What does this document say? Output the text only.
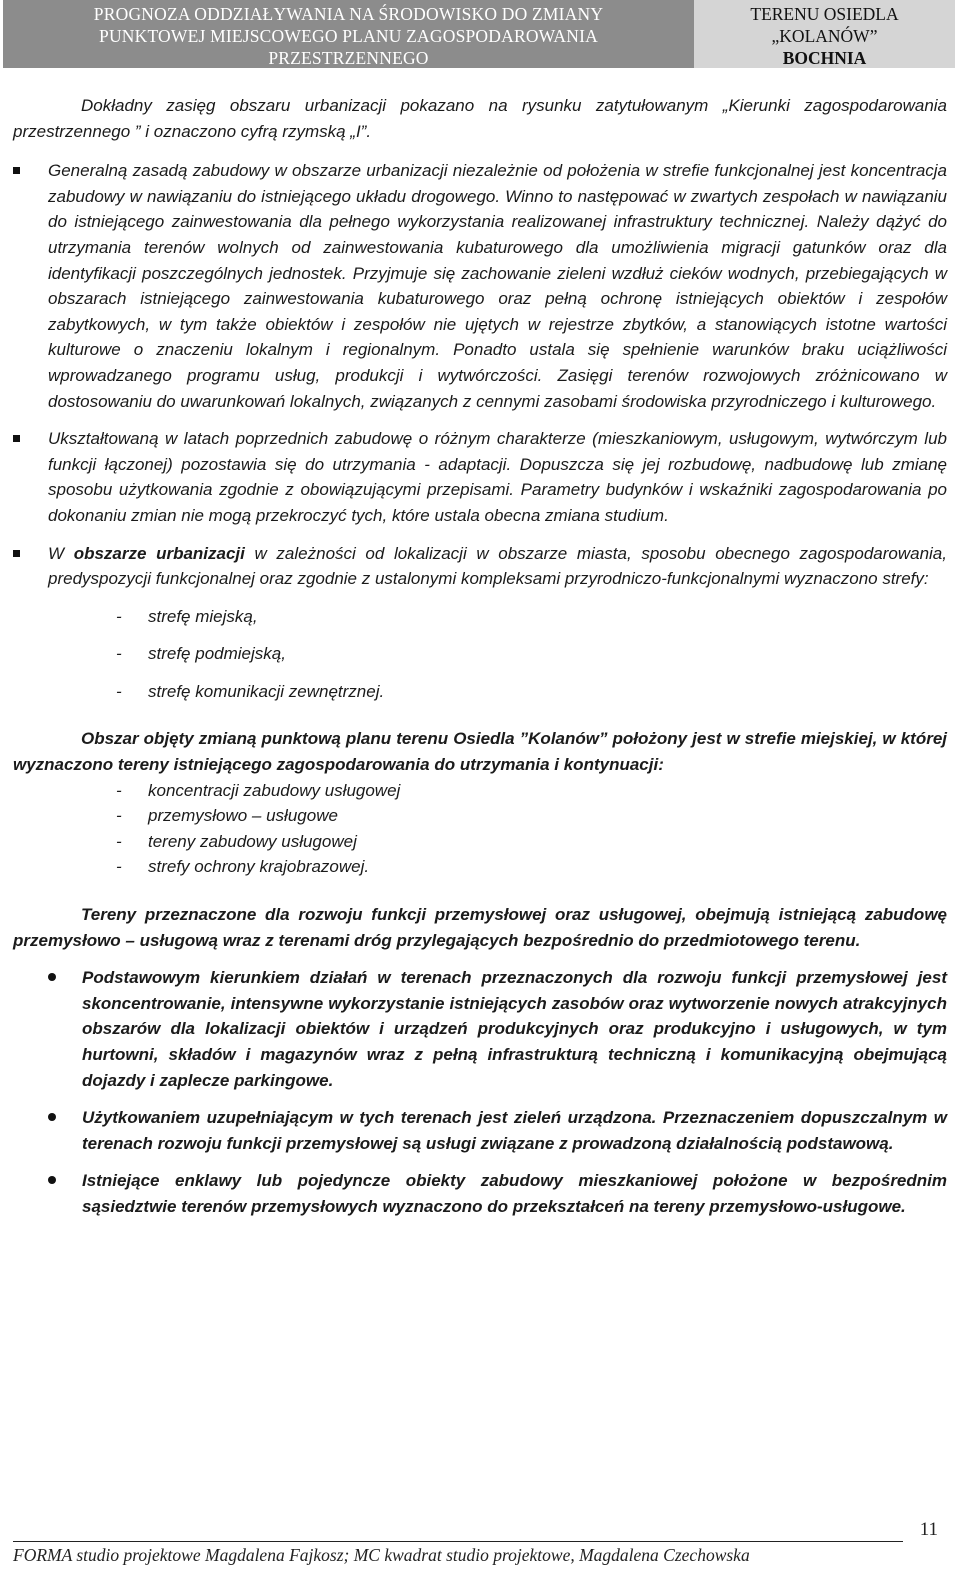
PROGNOZA ODDZIAŁYWANIA NA ŚRODOWISKO DO ZMIANY
PUNKTOWEJ MIEJSCOWEGO PLANU ZAGOSPODAROWANIA
PRZESTRZENNEGO
TERENU OSIEDLA
„KOLANÓW”
BOCHNIA

Dokładny zasięg obszaru urbanizacji pokazano na rysunku zatytułowanym „Kierunki zagospodarowania przestrzennego ” i oznaczono cyfrą rzymską „I”.

Generalną zasadą zabudowy w obszarze urbanizacji niezależnie od położenia w strefie funkcjonalnej jest koncentracja zabudowy w nawiązaniu do istniejącego układu drogowego. Winno to następować w zwartych zespołach w nawiązaniu do istniejącego zainwestowania dla pełnego wykorzystania realizowanej infrastruktury technicznej. Należy dążyć do utrzymania terenów wolnych od zainwestowania kubaturowego dla umożliwienia migracji gatunków oraz dla identyfikacji poszczególnych jednostek. Przyjmuje się zachowanie zieleni wzdłuż cieków wodnych, przebiegających w obszarach istniejącego zainwestowania kubaturowego oraz pełną ochronę istniejących obiektów i zespołów zabytkowych, w tym także obiektów i zespołów nie ujętych w rejestrze zbytków, a stanowiących istotne wartości kulturowe o znaczeniu lokalnym i regionalnym. Ponadto ustala się spełnienie warunków braku uciążliwości wprowadzanego programu usług, produkcji i wytwórczości. Zasięgi terenów rozwojowych zróżnicowano w dostosowaniu do uwarunkowań lokalnych, związanych z cennymi zasobami środowiska przyrodniczego i kulturowego.
Ukształtowaną w latach poprzednich zabudowę o różnym charakterze (mieszkaniowym, usługowym, wytwórczym lub funkcji łączonej) pozostawia się do utrzymania - adaptacji. Dopuszcza się jej rozbudowę, nadbudowę lub zmianę sposobu użytkowania zgodnie z obowiązującymi przepisami. Parametry budynków i wskaźniki zagospodarowania po dokonaniu zmian nie mogą przekroczyć tych, które ustala obecna zmiana studium.
W obszarze urbanizacji w zależności od lokalizacji w obszarze miasta, sposobu obecnego zagospodarowania, predyspozycji funkcjonalnej oraz zgodnie z ustalonymi kompleksami przyrodniczo-funkcjonalnymi wyznaczono strefy:
- strefę miejską,
- strefę podmiejską,
- strefę komunikacji zewnętrznej.

Obszar objęty zmianą punktową planu terenu Osiedla ”Kolanów” położony jest w strefie miejskiej, w której wyznaczono tereny istniejącego zagospodarowania do utrzymania i kontynuacji:

- koncentracji zabudowy usługowej
- przemysłowo – usługowe
- tereny zabudowy usługowej
- strefy ochrony krajobrazowej.

Tereny przeznaczone dla rozwoju funkcji przemysłowej oraz usługowej, obejmują istniejącą zabudowę przemysłowo – usługową wraz z terenami dróg przylegających bezpośrednio do przedmiotowego terenu.

Podstawowym kierunkiem działań w terenach przeznaczonych dla rozwoju funkcji przemysłowej jest skoncentrowanie, intensywne wykorzystanie istniejących zasobów oraz wytworzenie nowych atrakcyjnych obszarów dla lokalizacji obiektów i urządzeń produkcyjnych oraz produkcyjno i usługowych, w tym hurtowni, składów i magazynów wraz z pełną infrastrukturą techniczną i komunikacyjną obejmującą dojazdy i zaplecze parkingowe.
Użytkowaniem uzupełniającym w tych terenach jest zieleń urządzona. Przeznaczeniem dopuszczalnym w terenach rozwoju funkcji przemysłowej są usługi związane z prowadzoną działalnością podstawową.
Istniejące enklawy lub pojedyncze obiekty zabudowy mieszkaniowej położone w bezpośrednim sąsiedztwie terenów przemysłowych wyznaczono do przekształceń na tereny przemysłowo-usługowe.
11
FORMA studio projektowe Magdalena Fajkosz; MC kwadrat studio projektowe, Magdalena Czechowska
